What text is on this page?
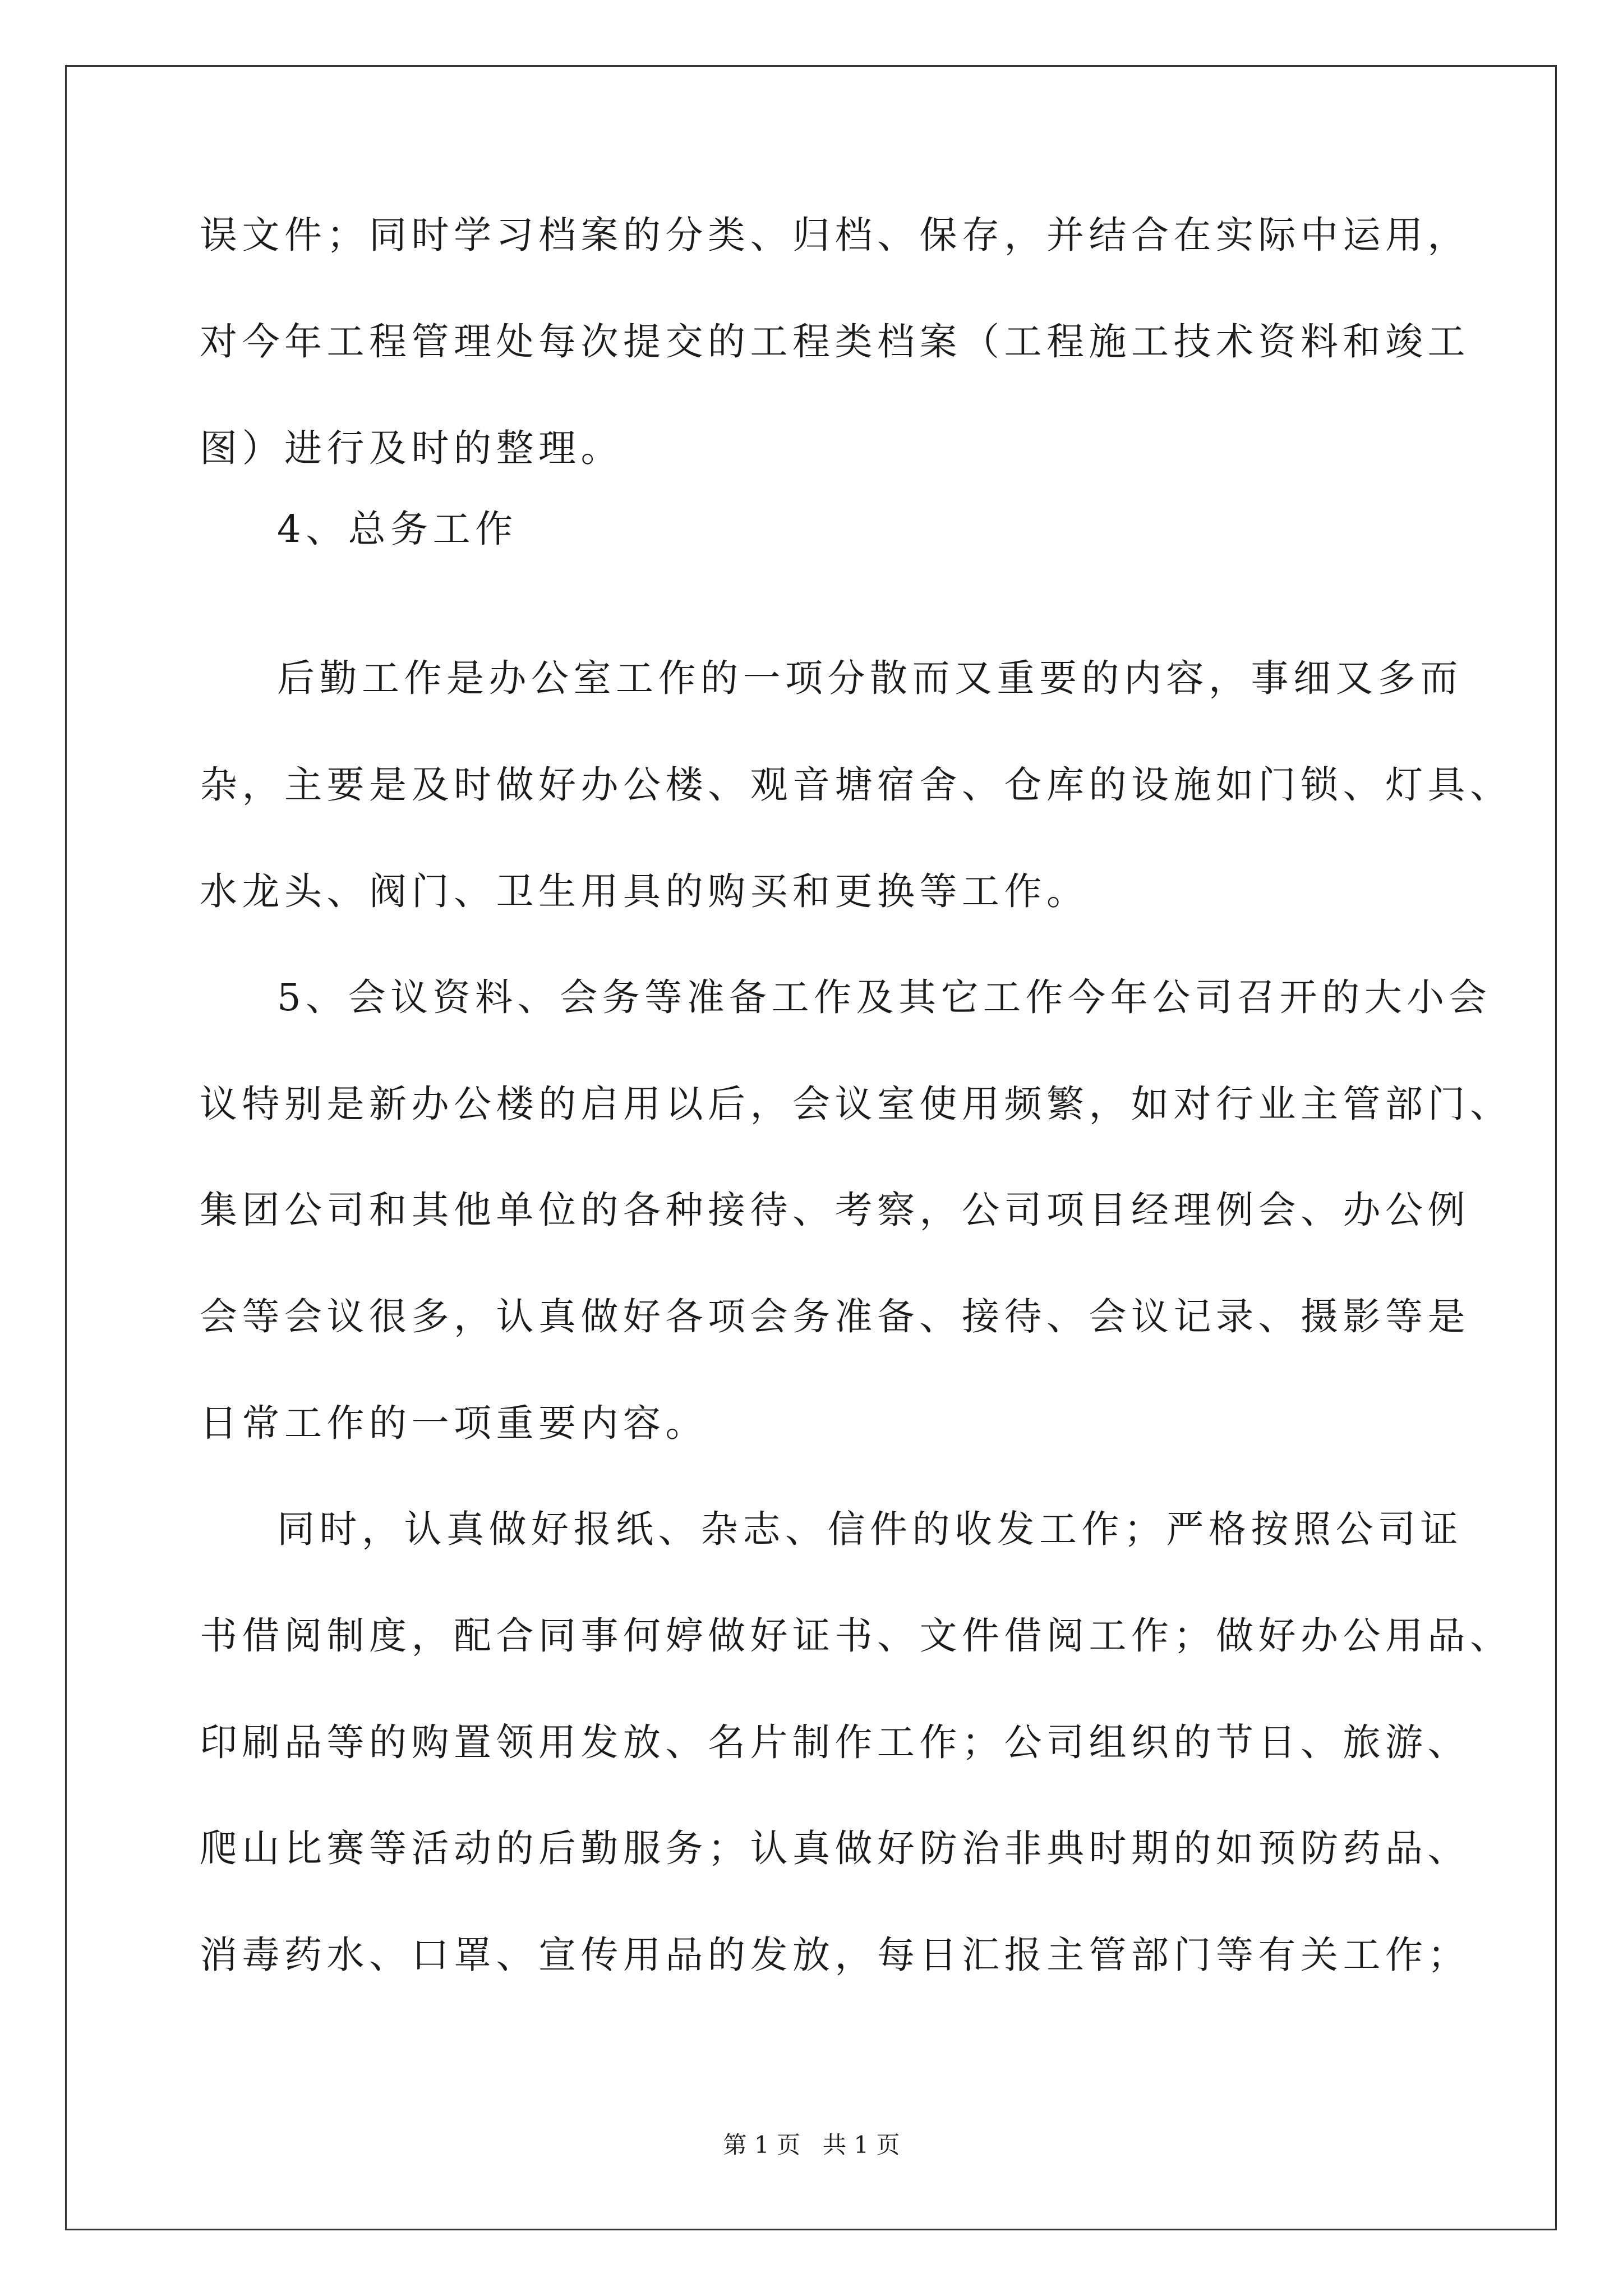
误文件；同时学习档案的分类、归档、保存，并结合在实际中运用，
对今年工程管理处每次提交的工程类档案（工程施工技术资料和竣工
图）进行及时的整理。
4、总务工作
后勤工作是办公室工作的一项分散而又重要的内容，事细又多而
杂，主要是及时做好办公楼、观音塘宿舍、仓库的设施如门锁、灯具、
水龙头、阀门、卫生用具的购买和更换等工作。
5、会议资料、会务等准备工作及其它工作今年公司召开的大小会
议特别是新办公楼的启用以后，会议室使用频繁，如对行业主管部门、
集团公司和其他单位的各种接待、考察，公司项目经理例会、办公例
会等会议很多，认真做好各项会务准备、接待、会议记录、摄影等是
日常工作的一项重要内容。
同时，认真做好报纸、杂志、信件的收发工作；严格按照公司证
书借阅制度，配合同事何婷做好证书、文件借阅工作；做好办公用品、
印刷品等的购置领用发放、名片制作工作；公司组织的节日、旅游、
爬山比赛等活动的后勤服务；认真做好防治非典时期的如预防药品、
消毒药水、口罩、宣传用品的发放，每日汇报主管部门等有关工作；
第 1 页   共 1 页
